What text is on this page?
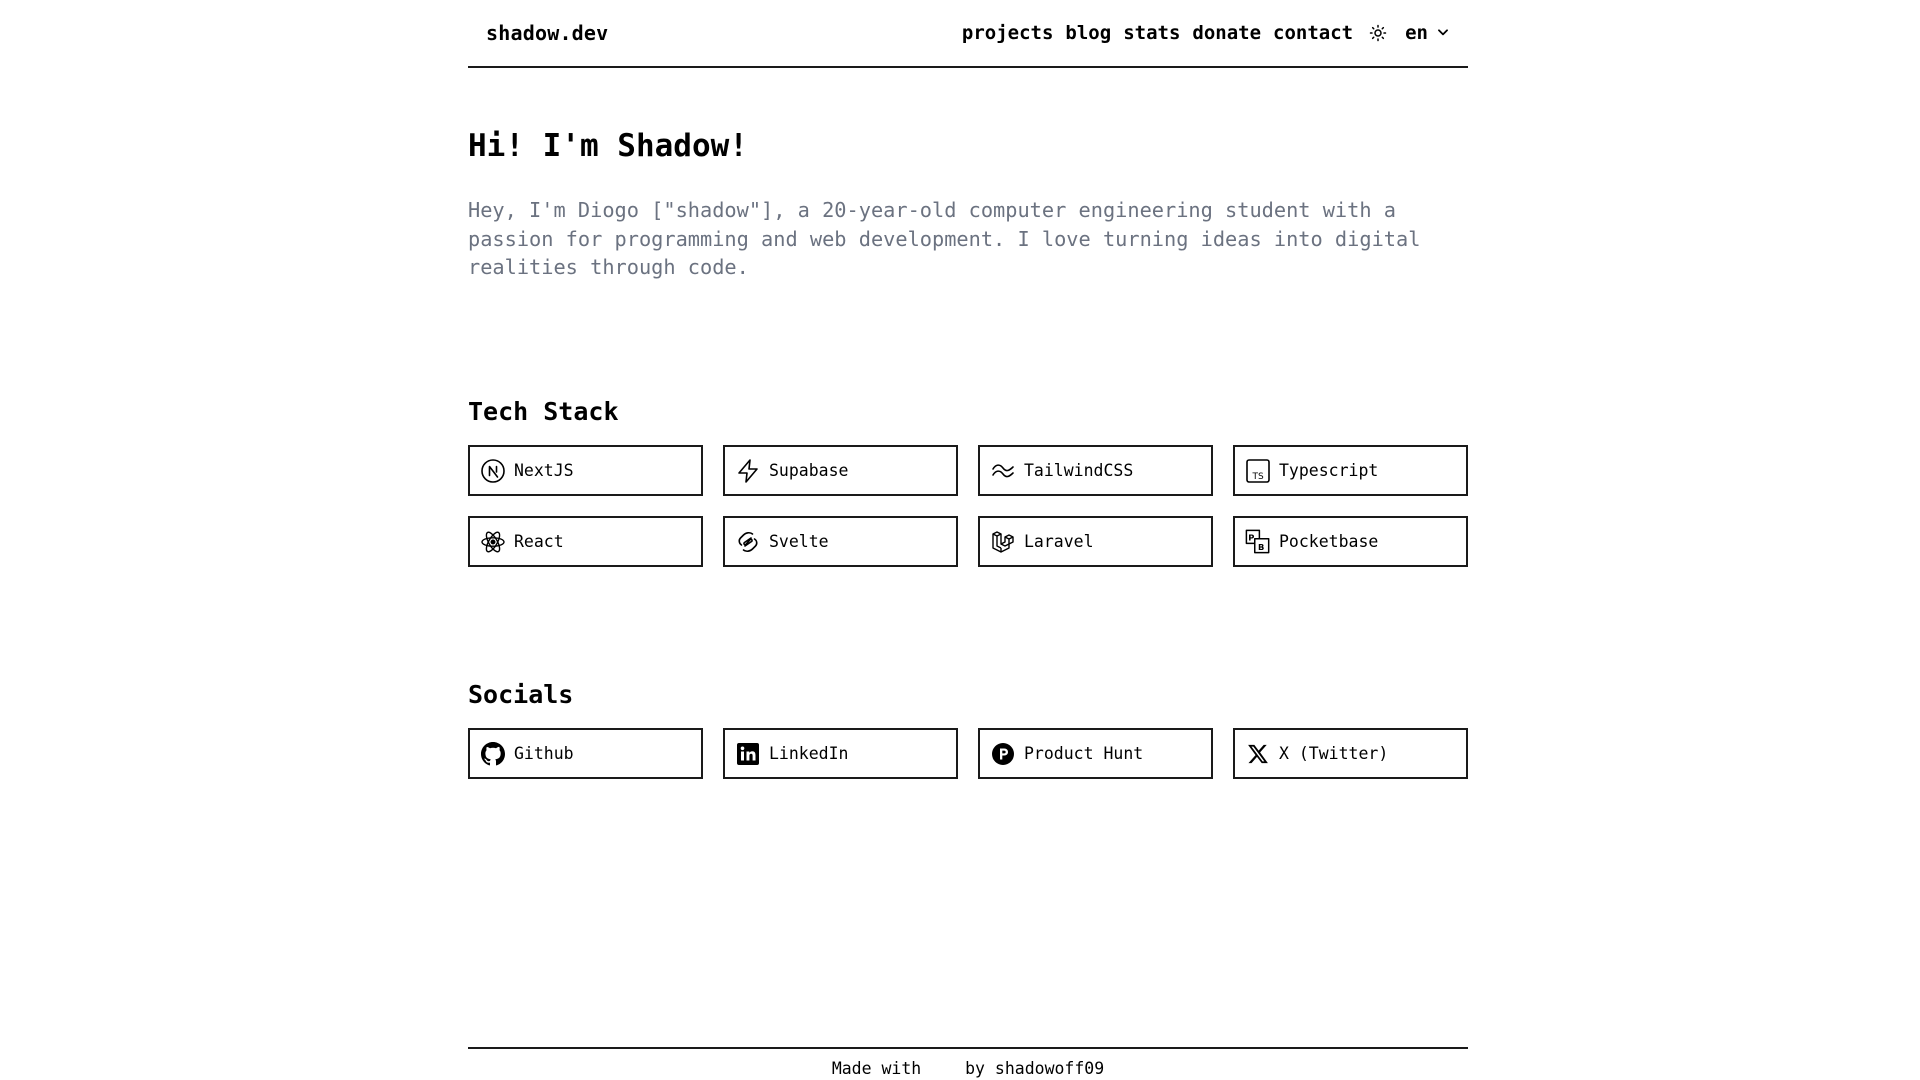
shadow.dev	projects blog stats donate contact	en
Hi! I'm Shadow!

Hey, I'm Diogo ["shadow"], a 20-year-old computer engineering student with a passion for programming and web development. I love turning ideas into digital realities through code.

Tech Stack
NextJS	Supabase	TailwindCSS	TS Typescript
React	Svelte	Laravel	P
B Pocketbase
Socials
Github	LinkedIn	Product Hunt	X (Twitter)
Made with	by shadowoff09
